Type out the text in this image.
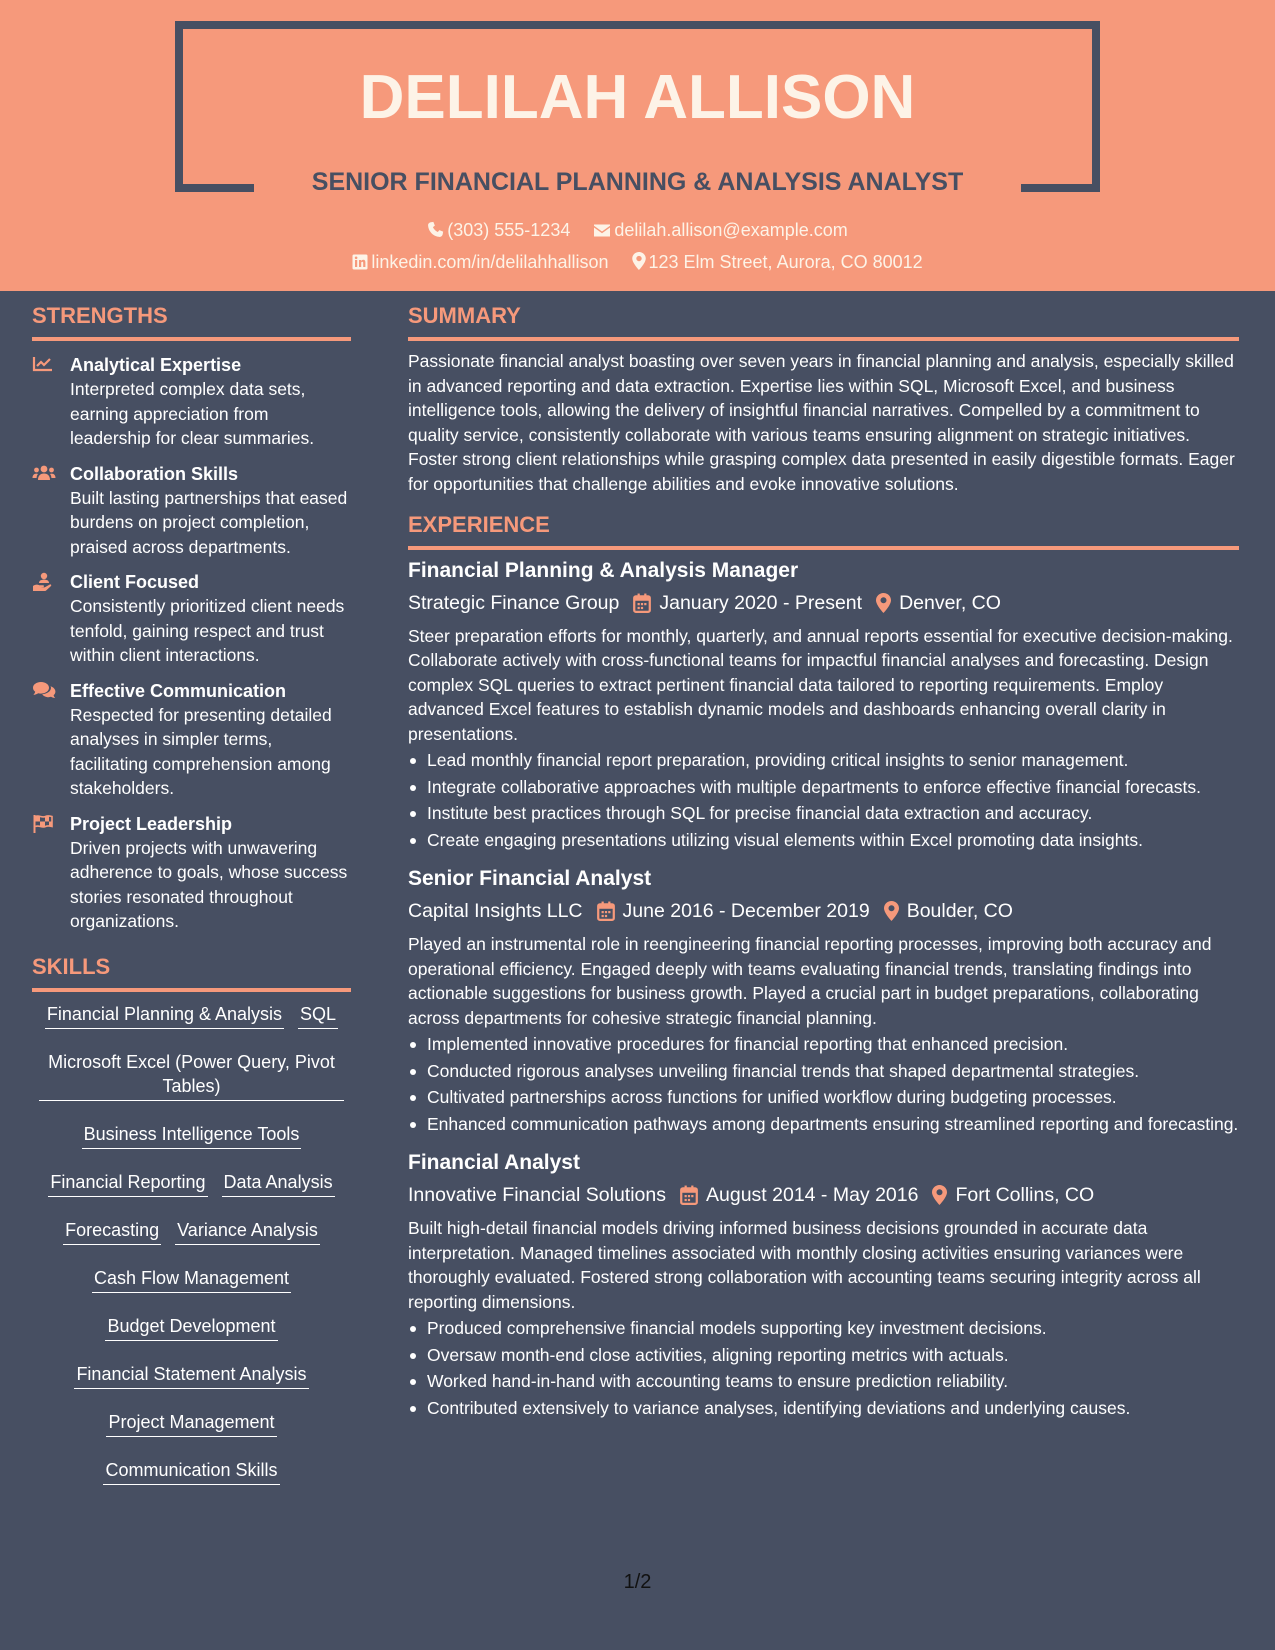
DELILAH ALLISON
SENIOR FINANCIAL PLANNING & ANALYSIS ANALYST
(303) 555-1234 delilah.allison@example.com
linkedin.com/in/delilahhallison 123 Elm Street, Aurora, CO 80012
STRENGTHS
Analytical Expertise
Interpreted complex data sets, earning appreciation from leadership for clear summaries.
Collaboration Skills
Built lasting partnerships that eased burdens on project completion, praised across departments.
Client Focused
Consistently prioritized client needs tenfold, gaining respect and trust within client interactions.
Effective Communication
Respected for presenting detailed analyses in simpler terms, facilitating comprehension among stakeholders.
Project Leadership
Driven projects with unwavering adherence to goals, whose success stories resonated throughout organizations.
SKILLS
Financial Planning & Analysis SQL Microsoft Excel (Power Query, Pivot Tables) Business Intelligence Tools Financial Reporting Data Analysis Forecasting Variance Analysis
Cash Flow Management
Budget Development
Financial Statement Analysis
Project Management
Communication Skills
SUMMARY

Passionate financial analyst boasting over seven years in financial planning and analysis, especially skilled in advanced reporting and data extraction. Expertise lies within SQL, Microsoft Excel, and business intelligence tools, allowing the delivery of insightful financial narratives. Compelled by a commitment to quality service, consistently collaborate with various teams ensuring alignment on strategic initiatives. Foster strong client relationships while grasping complex data presented in easily digestible formats. Eager for opportunities that challenge abilities and evoke innovative solutions.

EXPERIENCE
Financial Planning & Analysis Manager
Strategic Finance Group January 2020 - Present Denver, CO

Steer preparation efforts for monthly, quarterly, and annual reports essential for executive decision-making. Collaborate actively with cross-functional teams for impactful financial analyses and forecasting. Design complex SQL queries to extract pertinent financial data tailored to reporting requirements. Employ advanced Excel features to establish dynamic models and dashboards enhancing overall clarity in presentations.

Lead monthly financial report preparation, providing critical insights to senior management.
Integrate collaborative approaches with multiple departments to enforce effective financial forecasts.
Institute best practices through SQL for precise financial data extraction and accuracy.
Create engaging presentations utilizing visual elements within Excel promoting data insights.
Senior Financial Analyst
Capital Insights LLC June 2016 - December 2019 Boulder, CO

Played an instrumental role in reengineering financial reporting processes, improving both accuracy and operational efficiency. Engaged deeply with teams evaluating financial trends, translating findings into actionable suggestions for business growth. Played a crucial part in budget preparations, collaborating across departments for cohesive strategic financial planning.

Implemented innovative procedures for financial reporting that enhanced precision.
Conducted rigorous analyses unveiling financial trends that shaped departmental strategies.
Cultivated partnerships across functions for unified workflow during budgeting processes.
Enhanced communication pathways among departments ensuring streamlined reporting and forecasting.
Financial Analyst
Innovative Financial Solutions August 2014 - May 2016 Fort Collins, CO

Built high-detail financial models driving informed business decisions grounded in accurate data interpretation. Managed timelines associated with monthly closing activities ensuring variances were thoroughly evaluated. Fostered strong collaboration with accounting teams securing integrity across all reporting dimensions.

Produced comprehensive financial models supporting key investment decisions.
Oversaw month-end close activities, aligning reporting metrics with actuals.
Worked hand-in-hand with accounting teams to ensure prediction reliability.
Contributed extensively to variance analyses, identifying deviations and underlying causes.
1/2
